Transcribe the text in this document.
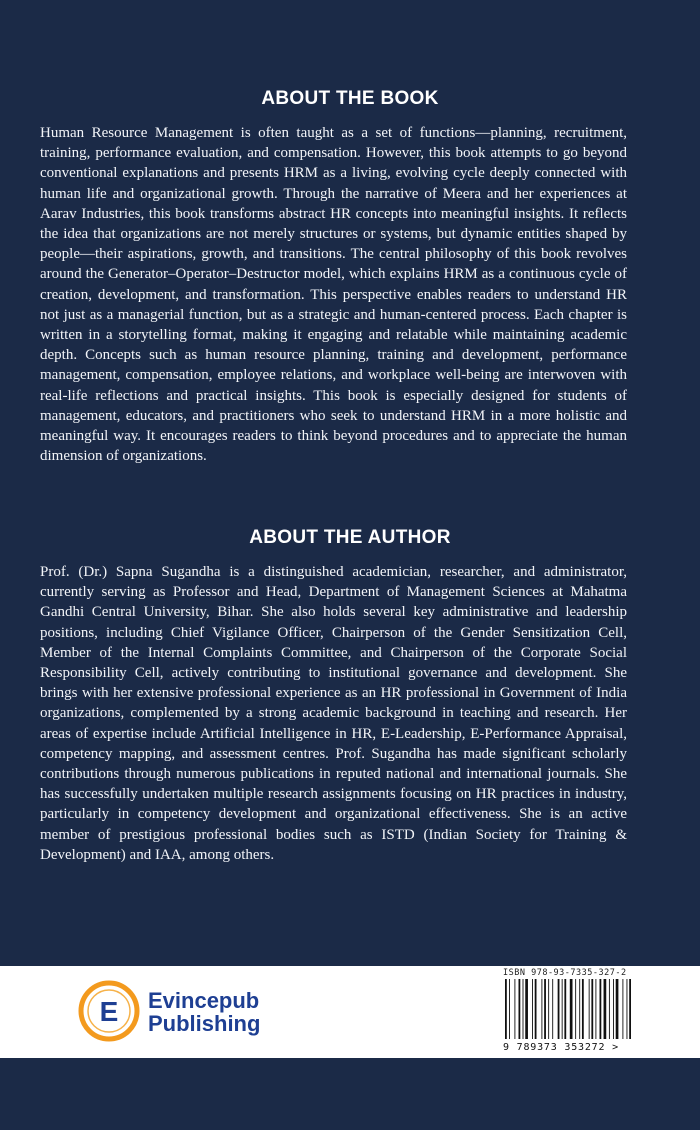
ABOUT THE BOOK

Human Resource Management is often taught as a set of functions—planning, recruitment, training, performance evaluation, and compensation. However, this book attempts to go beyond conventional explanations and presents HRM as a living, evolving cycle deeply connected with human life and organizational growth. Through the narrative of Meera and her experiences at Aarav Industries, this book transforms abstract HR concepts into meaningful insights. It reflects the idea that organizations are not merely structures or systems, but dynamic entities shaped by people—their aspirations, growth, and transitions. The central philosophy of this book revolves around the Generator–Operator–Destructor model, which explains HRM as a continuous cycle of creation, development, and transformation. This perspective enables readers to understand HR not just as a managerial function, but as a strategic and human-centered process. Each chapter is written in a storytelling format, making it engaging and relatable while maintaining academic depth. Concepts such as human resource planning, training and development, performance management, compensation, employee relations, and workplace well-being are interwoven with real-life reflections and practical insights. This book is especially designed for students of management, educators, and practitioners who seek to understand HRM in a more holistic and meaningful way. It encourages readers to think beyond procedures and to appreciate the human dimension of organizations.

ABOUT THE AUTHOR

Prof. (Dr.) Sapna Sugandha is a distinguished academician, researcher, and administrator, currently serving as Professor and Head, Department of Management Sciences at Mahatma Gandhi Central University, Bihar. She also holds several key administrative and leadership positions, including Chief Vigilance Officer, Chairperson of the Gender Sensitization Cell, Member of the Internal Complaints Committee, and Chairperson of the Corporate Social Responsibility Cell, actively contributing to institutional governance and development. She brings with her extensive professional experience as an HR professional in Government of India organizations, complemented by a strong academic background in teaching and research. Her areas of expertise include Artificial Intelligence in HR, E-Leadership, E-Performance Appraisal, competency mapping, and assessment centres. Prof. Sugandha has made significant scholarly contributions through numerous publications in reputed national and international journals. She has successfully undertaken multiple research assignments focusing on HR practices in industry, particularly in competency development and organizational effectiveness. She is an active member of prestigious professional bodies such as ISTD (Indian Society for Training & Development) and IAA, among others.

E Evincepub
Publishing
ISBN 978-93-7335-327-2
9 789373 353272 >
